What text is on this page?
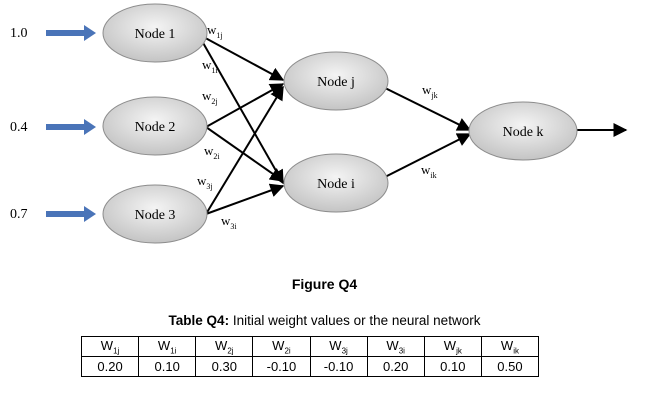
1.0
0.4
0.7
Node 1
Node 2
Node 3
Node j
Node i
Node k
$w_{1j}$
$w_{1i}$
$w_{2j}$
$w_{2i}$
$w_{3j}$
$w_{3i}$
$w_{jk}$
$w_{ik}$
Figure Q4
Table Q4: Initial weight values or the neural network
$W_{1j}$	$W_{1i}$	$W_{2j}$	$W_{2i}$	$W_{3j}$	$W_{3i}$	$W_{jk}$	$W_{ik}$
0.20	0.10	0.30	-0.10	-0.10	0.20	0.10	0.50
